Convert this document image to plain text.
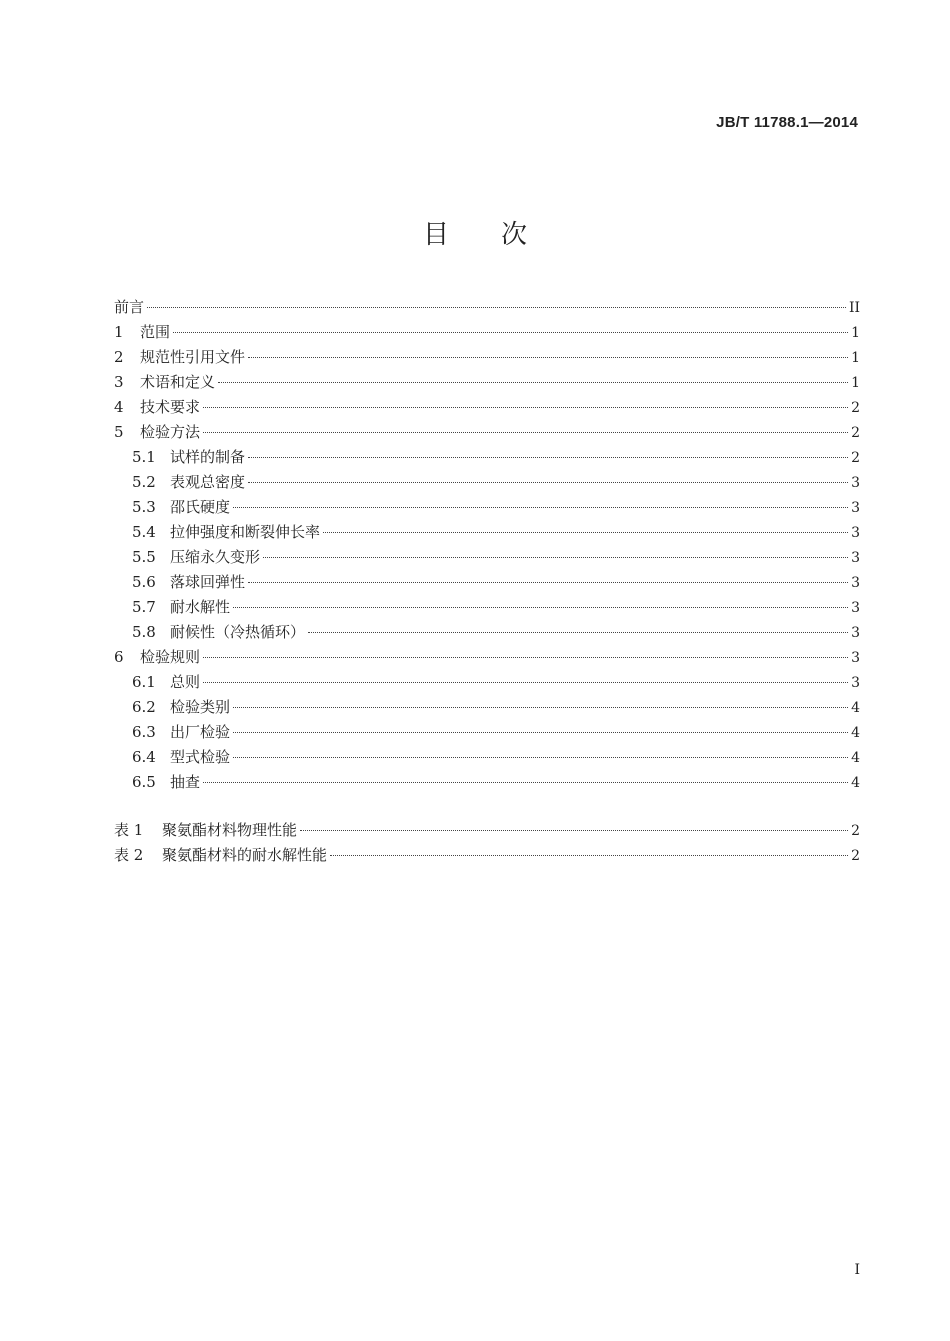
JB/T 11788.1—2014
目次
前言	II
1	范围	1
2	规范性引用文件	1
3	术语和定义	1
4	技术要求	2
5	检验方法	2
5.1 试样的制备	2
5.2 表观总密度	3
5.3 邵氏硬度	3
5.4 拉伸强度和断裂伸长率	3
5.5 压缩永久变形	3
5.6 落球回弹性	3
5.7 耐水解性	3
5.8 耐候性（冷热循环）	3
6	检验规则	3
6.1 总则	3
6.2 检验类别	4
6.3 出厂检验	4
6.4 型式检验	4
6.5 抽查	4
表 1	聚氨酯材料物理性能	2
表 2	聚氨酯材料的耐水解性能	2
I
